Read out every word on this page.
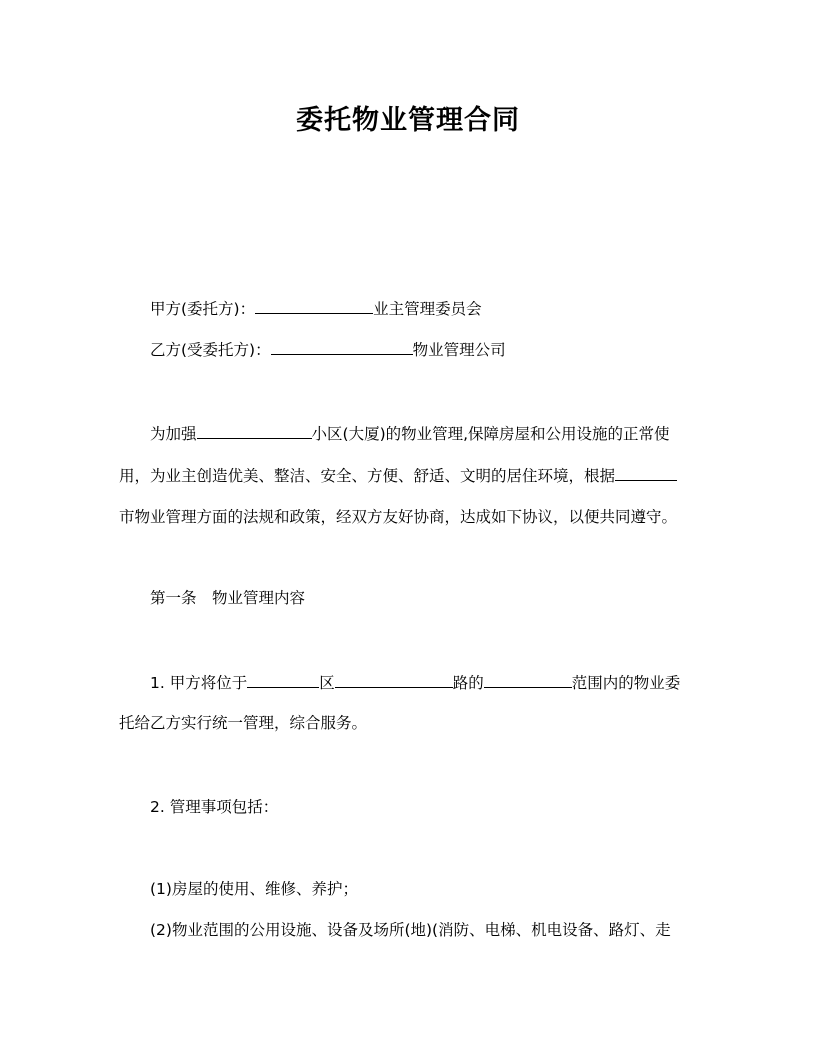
委托物业管理合同
甲方(委托方)：	业主管理委员会
乙方(受委托方)：	物业管理公司
为加强	小区(大厦)的物业管理,保障房屋和公用设施的正常使
用，为业主创造优美、整洁、安全、方便、舒适、文明的居住环境，根据
市物业管理方面的法规和政策，经双方友好协商，达成如下协议，以便共同遵守。
第一条　物业管理内容
1. 甲方将位于	区	路的	范围内的物业委
托给乙方实行统一管理，综合服务。
2. 管理事项包括：
(1)房屋的使用、维修、养护；
(2)物业范围的公用设施、设备及场所(地)(消防、电梯、机电设备、路灯、走
